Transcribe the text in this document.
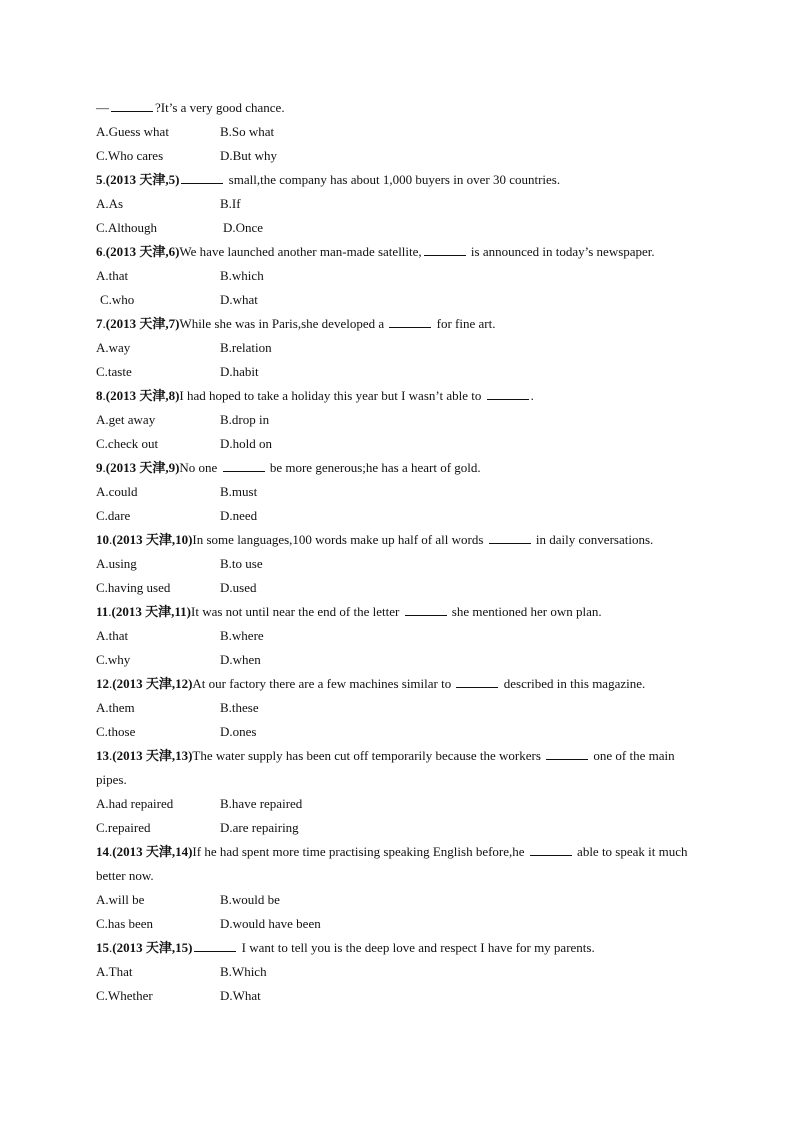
—	?It’s a very good chance.
A.Guess what	B.So what
C.Who cares	D.But why
5.(2013 天津,5)	small,the company has about 1,000 buyers in over 30 countries.
A.As	B.If
C.Although	D.Once
6.(2013 天津,6)We have launched another man-made satellite,	is announced in today’s newspaper.
A.that	B.which
C.who	D.what
7.(2013 天津,7)While she was in Paris,she developed a	for fine art.
A.way	B.relation
C.taste	D.habit
8.(2013 天津,8)I had hoped to take a holiday this year but I wasn’t able to	.
A.get away	B.drop in
C.check out	D.hold on
9.(2013 天津,9)No one	be more generous;he has a heart of gold.
A.could	B.must
C.dare	D.need
10.(2013 天津,10)In some languages,100 words make up half of all words	in daily conversations.
A.using	B.to use
C.having used	D.used
11.(2013 天津,11)It was not until near the end of the letter	she mentioned her own plan.
A.that	B.where
C.why	D.when
12.(2013 天津,12)At our factory there are a few machines similar to	described in this magazine.
A.them	B.these
C.those	D.ones
13.(2013 天津,13)The water supply has been cut off temporarily because the workers	one of the main pipes.
A.had repaired	B.have repaired
C.repaired	D.are repairing
14.(2013 天津,14)If he had spent more time practising speaking English before,he	able to speak it much better now.
A.will be	B.would be
C.has been	D.would have been
15.(2013 天津,15)	I want to tell you is the deep love and respect I have for my parents.
A.That	B.Which
C.Whether	D.What
